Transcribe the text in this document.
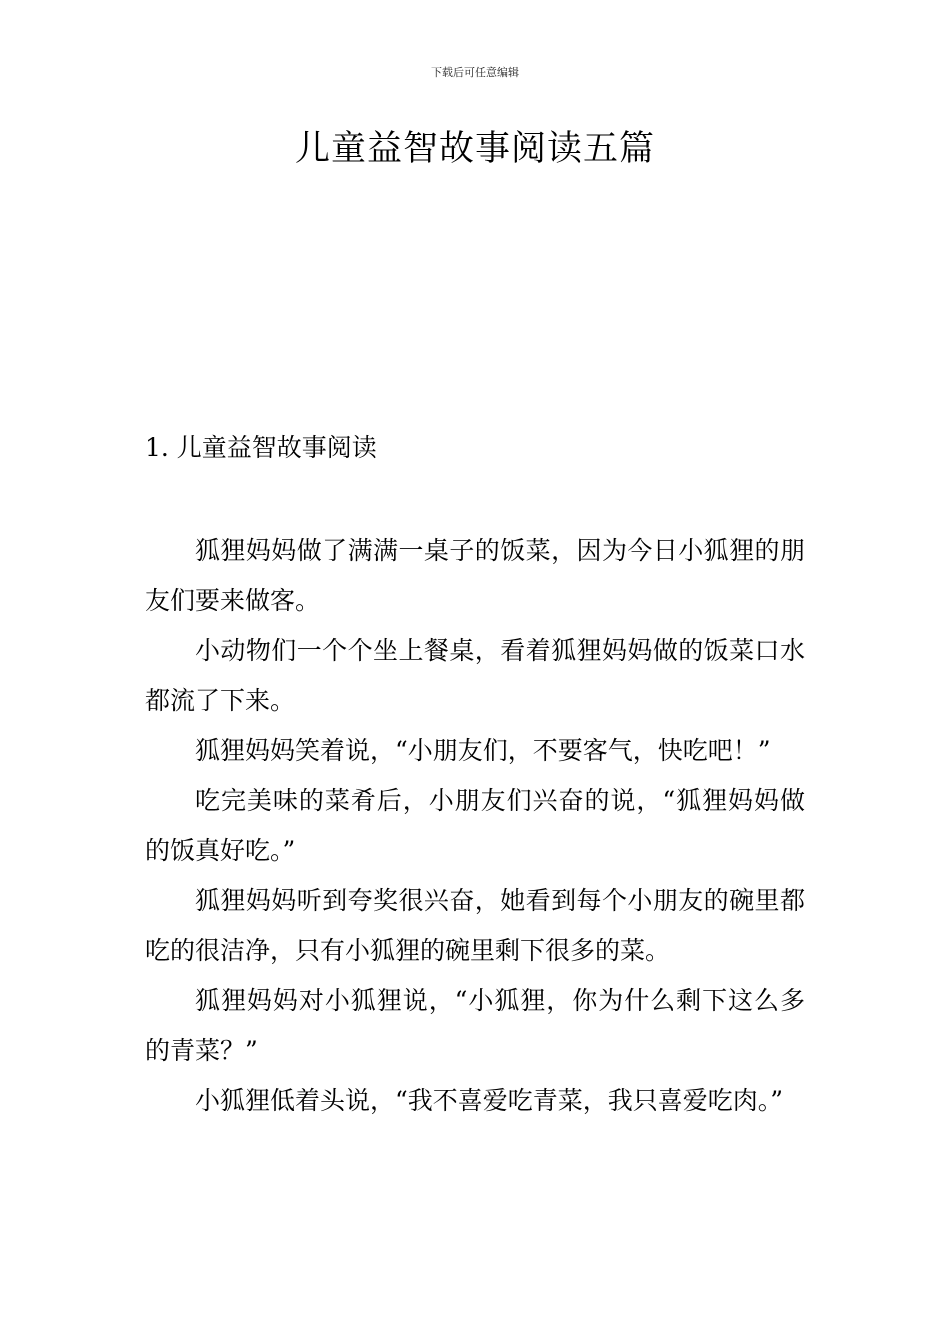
下载后可任意编辑
儿童益智故事阅读五篇
1. 儿童益智故事阅读

狐狸妈妈做了满满一桌子的饭菜，因为今日小狐狸的朋友们要来做客。

小动物们一个个坐上餐桌，看着狐狸妈妈做的饭菜口水都流了下来。

狐狸妈妈笑着说，“小朋友们，不要客气，快吃吧！”

吃完美味的菜肴后，小朋友们兴奋的说，“狐狸妈妈做的饭真好吃。”

狐狸妈妈听到夸奖很兴奋，她看到每个小朋友的碗里都吃的很洁净，只有小狐狸的碗里剩下很多的菜。

狐狸妈妈对小狐狸说，“小狐狸，你为什么剩下这么多的青菜？”

小狐狸低着头说，“我不喜爱吃青菜，我只喜爱吃肉。”
